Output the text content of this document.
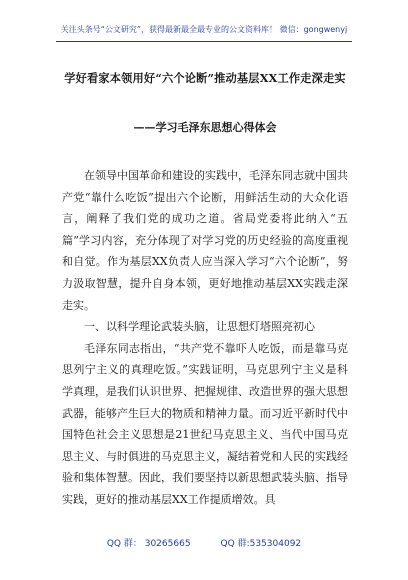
关注头条号“公文研究”，获得最新最全最专业的公文资料库！ 微信：gongwenyj
学好看家本领用好“六个论断”推动基层XX工作走深走实
——学习毛泽东思想心得体会

在领导中国革命和建设的实践中，毛泽东同志就中国共产党“靠什么吃饭”提出六个论断，用鲜活生动的大众化语言，阐释了我们党的成功之道。省局党委将此纳入“五篇”学习内容，充分体现了对学习党的历史经验的高度重视和自觉。作为基层XX负责人应当深入学习“六个论断”，努力汲取智慧，提升自身本领，更好地推动基层XX实践走深走实。

一、以科学理论武装头脑，让思想灯塔照亮初心

毛泽东同志指出，“共产党不靠吓人吃饭，而是靠马克思列宁主义的真理吃饭。”实践证明，马克思列宁主义是科学真理，是我们认识世界、把握规律、改造世界的强大思想武器，能够产生巨大的物质和精神力量。而习近平新时代中国特色社会主义思想是21世纪马克思主义、当代中国马克思主义、与时俱进的马克思主义，凝结着党和人民的实践经验和集体智慧。因此，我们要坚持以新思想武装头脑、指导实践，更好的推动基层XX工作提质增效。具

QQ 群： 30265665	QQ 群:535304092
